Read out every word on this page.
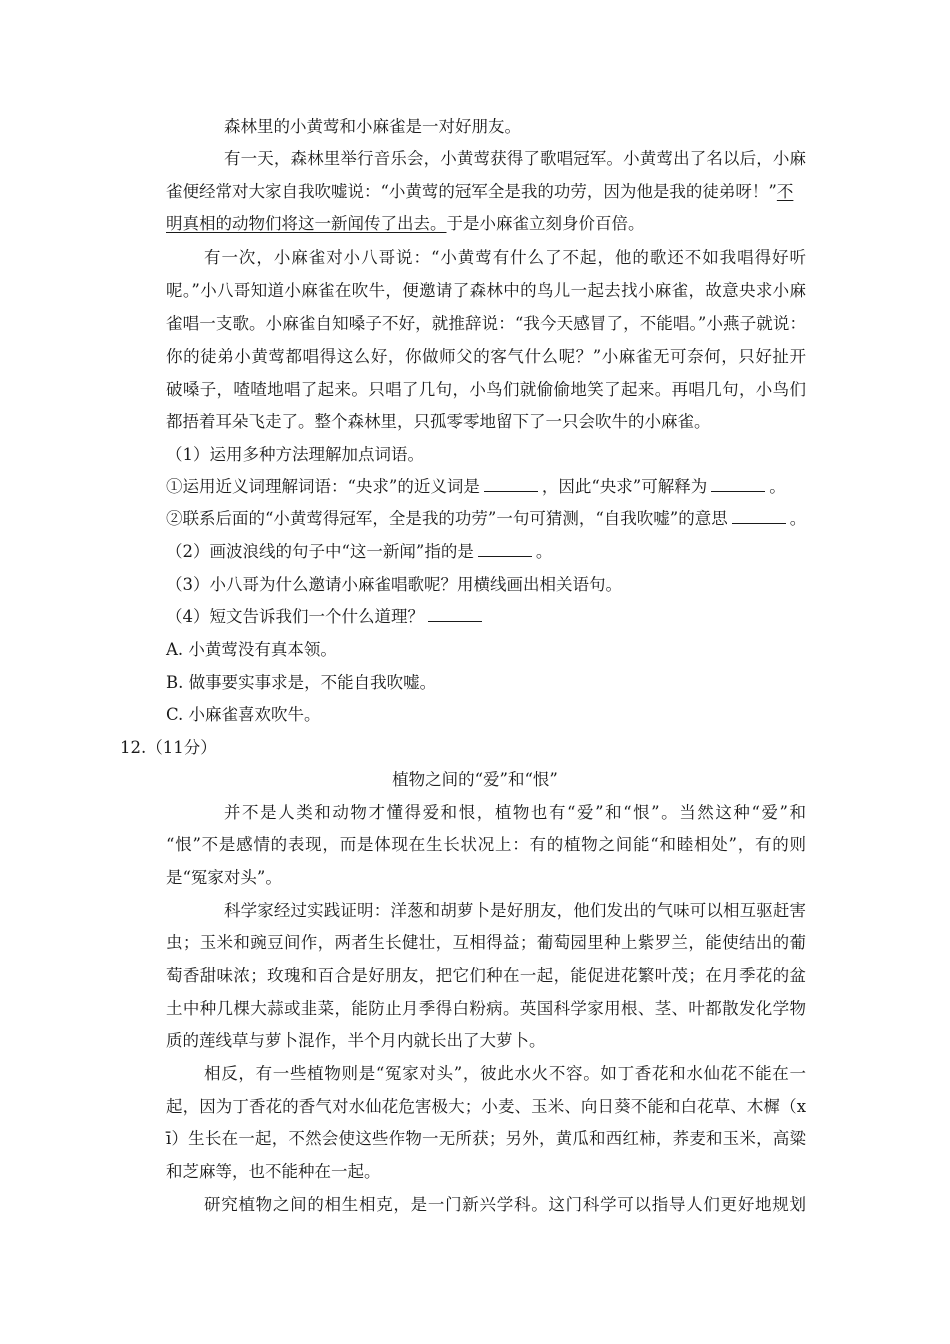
森林里的小黄莺和小麻雀是一对好朋友。
有一天，森林里举行音乐会，小黄莺获得了歌唱冠军。小黄莺出了名以后，小麻
雀便经常对大家自我吹嘘说：“小黄莺的冠军全是我的功劳，因为他是我的徒弟呀！”不
明真相的动物们将这一新闻传了出去。于是小麻雀立刻身价百倍。
有一次，小麻雀对小八哥说：“小黄莺有什么了不起，他的歌还不如我唱得好听
呢。”小八哥知道小麻雀在吹牛，便邀请了森林中的鸟儿一起去找小麻雀，故意央求小麻
雀唱一支歌。小麻雀自知嗓子不好，就推辞说：“我今天感冒了，不能唱。”小燕子就说：
你的徒弟小黄莺都唱得这么好，你做师父的客气什么呢？”小麻雀无可奈何，只好扯开
破嗓子，喳喳地唱了起来。只唱了几句，小鸟们就偷偷地笑了起来。再唱几句，小鸟们
都捂着耳朵飞走了。整个森林里，只孤零零地留下了一只会吹牛的小麻雀。
（1）运用多种方法理解加点词语。
①运用近义词理解词语：“央求”的近义词是	，因此“央求”可解释为	。
②联系后面的“小黄莺得冠军，全是我的功劳”一句可猜测，“自我吹嘘”的意思	。
（2）画波浪线的句子中“这一新闻”指的是	。
（3）小八哥为什么邀请小麻雀唱歌呢？用横线画出相关语句。
（4）短文告诉我们一个什么道理？
A. 小黄莺没有真本领。
B. 做事要实事求是，不能自我吹嘘。
C. 小麻雀喜欢吹牛。
12.（11分）
植物之间的“爱”和“恨”
并不是人类和动物才懂得爱和恨，植物也有“爱”和“恨”。当然这种“爱”和
“恨”不是感情的表现，而是体现在生长状况上：有的植物之间能“和睦相处”，有的则
是“冤家对头”。
科学家经过实践证明：洋葱和胡萝卜是好朋友，他们发出的气味可以相互驱赶害
虫；玉米和豌豆间作，两者生长健壮，互相得益；葡萄园里种上紫罗兰，能使结出的葡
萄香甜味浓；玫瑰和百合是好朋友，把它们种在一起，能促进花繁叶茂；在月季花的盆
土中种几棵大蒜或韭菜，能防止月季得白粉病。英国科学家用根、茎、叶都散发化学物
质的莲线草与萝卜混作，半个月内就长出了大萝卜。
相反，有一些植物则是“冤家对头”，彼此水火不容。如丁香花和水仙花不能在一
起，因为丁香花的香气对水仙花危害极大；小麦、玉米、向日葵不能和白花草、木樨（x
ī）生长在一起，不然会使这些作物一无所获；另外，黄瓜和西红柿，荞麦和玉米，高粱
和芝麻等，也不能种在一起。
研究植物之间的相生相克，是一门新兴学科。这门科学可以指导人们更好地规划
